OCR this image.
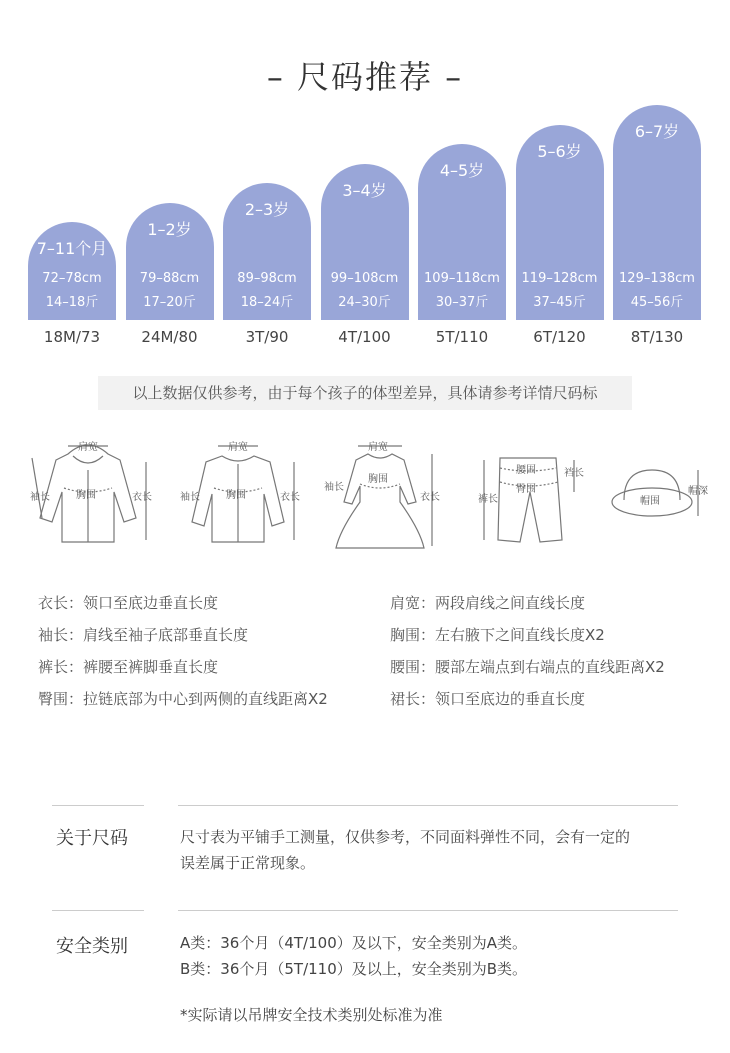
– 尺码推荐 –
7–11个月
72–78cm
14–18斤
18M/73
1–2岁
79–88cm
17–20斤
24M/80
2–3岁
89–98cm
18–24斤
3T/90
3–4岁
99–108cm
24–30斤
4T/100
4–5岁
109–118cm
30–37斤
5T/110
5–6岁
119–128cm
37–45斤
6T/120
6–7岁
129–138cm
45–56斤
8T/130
以上数据仅供参考，由于每个孩子的体型差异，具体请参考详情尺码标
肩宽
胸围	衣长
袖长
肩宽
胸围	衣长
袖长
肩宽
胸围
衣长
袖长
腰围
臀围
裤长
裆长
帽围
帽深
衣长：领口至底边垂直长度	肩宽：两段肩线之间直线长度
袖长：肩线至袖子底部垂直长度	胸围：左右腋下之间直线长度X2
裤长：裤腰至裤脚垂直长度	腰围：腰部左端点到右端点的直线距离X2
臀围：拉链底部为中心到两侧的直线距离X2	裙长：领口至底边的垂直长度
关于尺码	尺寸表为平铺手工测量，仅供参考，不同面料弹性不同，会有一定的
误差属于正常现象。
安全类别	A类：36个月（4T/100）及以下，安全类别为A类。
B类：36个月（5T/110）及以上，安全类别为B类。
*实际请以吊牌安全技术类别处标准为准
